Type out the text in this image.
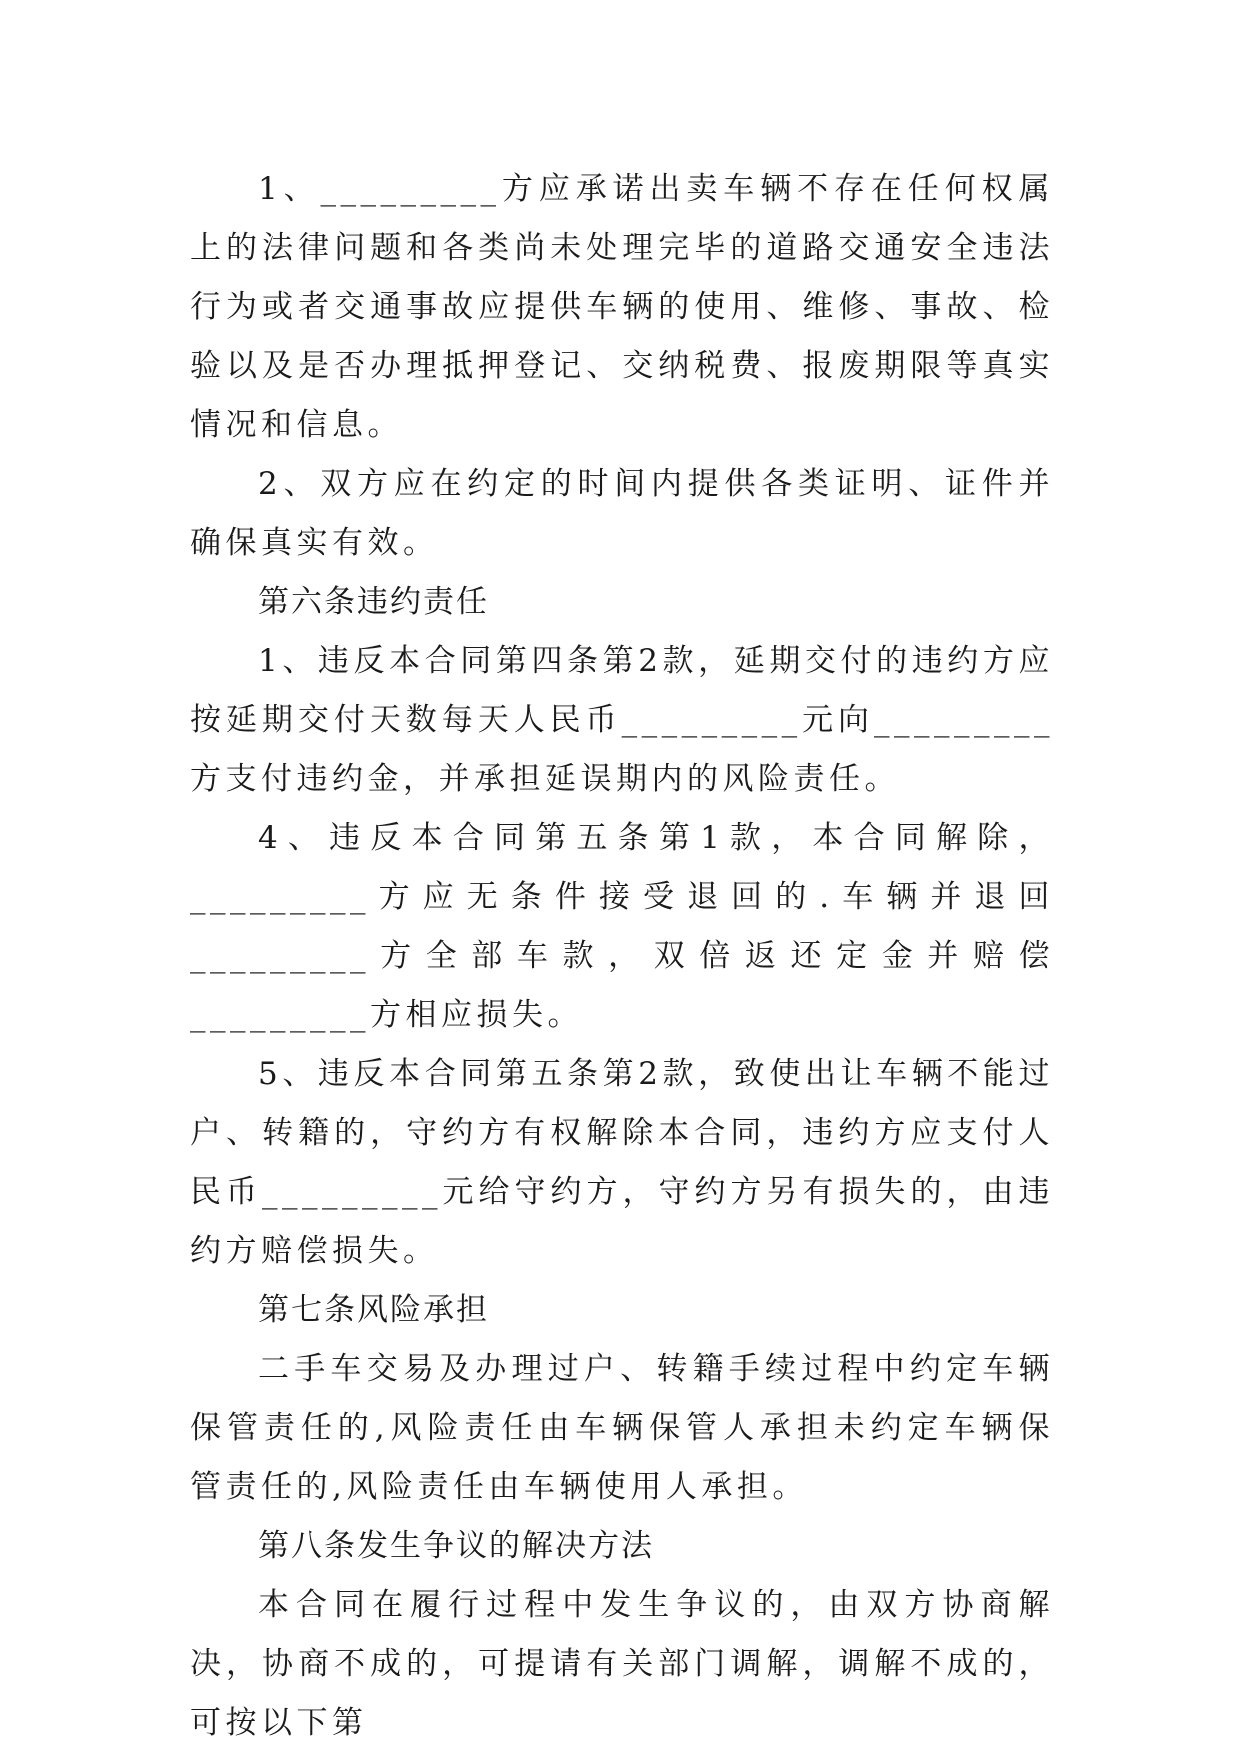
1、_________方应承诺出卖车辆不存在任何权属上的法律问题和各类尚未处理完毕的道路交通安全违法行为或者交通事故应提供车辆的使用、维修、事故、检验以及是否办理抵押登记、交纳税费、报废期限等真实情况和信息。

2、双方应在约定的时间内提供各类证明、证件并确保真实有效。

第六条违约责任

1、违反本合同第四条第2款，延期交付的违约方应按延期交付天数每天人民币_________元向_________方支付违约金，并承担延误期内的风险责任。

4、违反本合同第五条第1款，本合同解除，_________方应无条件接受退回的.车辆并退回_________方全部车款，双倍返还定金并赔偿_________方相应损失。

5、违反本合同第五条第2款，致使出让车辆不能过户、转籍的，守约方有权解除本合同，违约方应支付人民币_________元给守约方，守约方另有损失的，由违约方赔偿损失。

第七条风险承担

二手车交易及办理过户、转籍手续过程中约定车辆保管责任的,风险责任由车辆保管人承担未约定车辆保管责任的,风险责任由车辆使用人承担。

第八条发生争议的解决方法

本合同在履行过程中发生争议的，由双方协商解决，协商不成的，可提请有关部门调解，调解不成的，可按以下第
